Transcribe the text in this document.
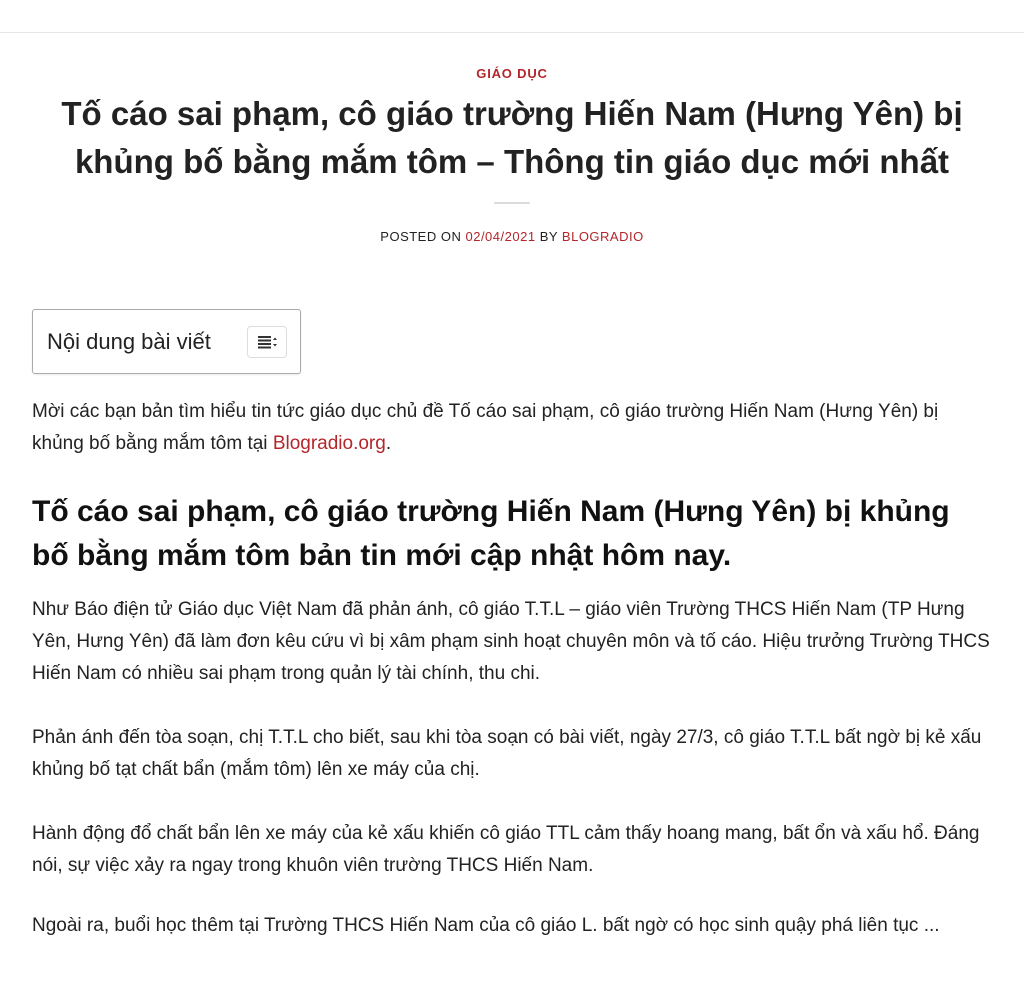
GIÁO DỤC
Tố cáo sai phạm, cô giáo trường Hiến Nam (Hưng Yên) bị khủng bố bằng mắm tôm – Thông tin giáo dục mới nhất
POSTED ON 02/04/2021 BY BLOGRADIO
Nội dung bài viết

Mời các bạn bản tìm hiểu tin tức giáo dục chủ đề Tố cáo sai phạm, cô giáo trường Hiến Nam (Hưng Yên) bị khủng bố bằng mắm tôm tại Blogradio.org.

Tố cáo sai phạm, cô giáo trường Hiến Nam (Hưng Yên) bị khủng bố bằng mắm tôm bản tin mới cập nhật hôm nay.

Như Báo điện tử Giáo dục Việt Nam đã phản ánh, cô giáo T.T.L – giáo viên Trường THCS Hiến Nam (TP Hưng Yên, Hưng Yên) đã làm đơn kêu cứu vì bị xâm phạm sinh hoạt chuyên môn và tố cáo. Hiệu trưởng Trường THCS Hiến Nam có nhiều sai phạm trong quản lý tài chính, thu chi.

Phản ánh đến tòa soạn, chị T.T.L cho biết, sau khi tòa soạn có bài viết, ngày 27/3, cô giáo T.T.L bất ngờ bị kẻ xấu khủng bố tạt chất bẩn (mắm tôm) lên xe máy của chị.

Hành động đổ chất bẩn lên xe máy của kẻ xấu khiến cô giáo TTL cảm thấy hoang mang, bất ổn và xấu hổ. Đáng nói, sự việc xảy ra ngay trong khuôn viên trường THCS Hiến Nam.

Ngoài ra, buổi học thêm tại Trường THCS Hiến Nam của cô giáo L. bất ngờ có học sinh quậy phá liên tục ...
